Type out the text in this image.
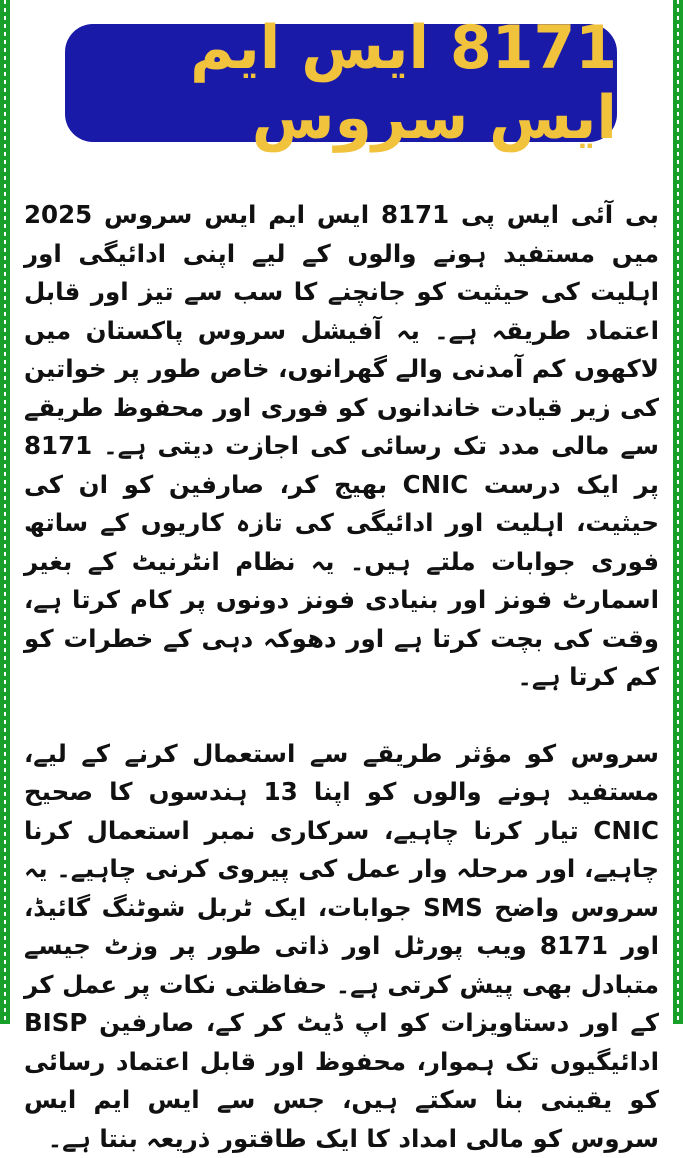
8171 ایس ایم ایس سروس

بی آئی ایس پی 8171 ایس ایم ایس سروس 2025 میں مستفید ہونے والوں کے لیے اپنی ادائیگی اور اہلیت کی حیثیت کو جانچنے کا سب سے تیز اور قابل اعتماد طریقہ ہے۔ یہ آفیشل سروس پاکستان میں لاکھوں کم آمدنی والے گھرانوں، خاص طور پر خواتین کی زیر قیادت خاندانوں کو فوری اور محفوظ طریقے سے مالی مدد تک رسائی کی اجازت دیتی ہے۔ 8171 پر ایک درست CNIC بھیج کر، صارفین کو ان کی حیثیت، اہلیت اور ادائیگی کی تازہ کاریوں کے ساتھ فوری جوابات ملتے ہیں۔ یہ نظام انٹرنیٹ کے بغیر اسمارٹ فونز اور بنیادی فونز دونوں پر کام کرتا ہے، وقت کی بچت کرتا ہے اور دھوکہ دہی کے خطرات کو کم کرتا ہے۔

سروس کو مؤثر طریقے سے استعمال کرنے کے لیے، مستفید ہونے والوں کو اپنا 13 ہندسوں کا صحیح CNIC تیار کرنا چاہیے، سرکاری نمبر استعمال کرنا چاہیے، اور مرحلہ وار عمل کی پیروی کرنی چاہیے۔ یہ سروس واضح SMS جوابات، ایک ٹربل شوٹنگ گائیڈ، اور 8171 ویب پورٹل اور ذاتی طور پر وزٹ جیسے متبادل بھی پیش کرتی ہے۔ حفاظتی نکات پر عمل کر کے اور دستاویزات کو اپ ڈیٹ کر کے، صارفین BISP ادائیگیوں تک ہموار، محفوظ اور قابل اعتماد رسائی کو یقینی بنا سکتے ہیں، جس سے ایس ایم ایس سروس کو مالی امداد کا ایک طاقتور ذریعہ بنتا ہے۔
